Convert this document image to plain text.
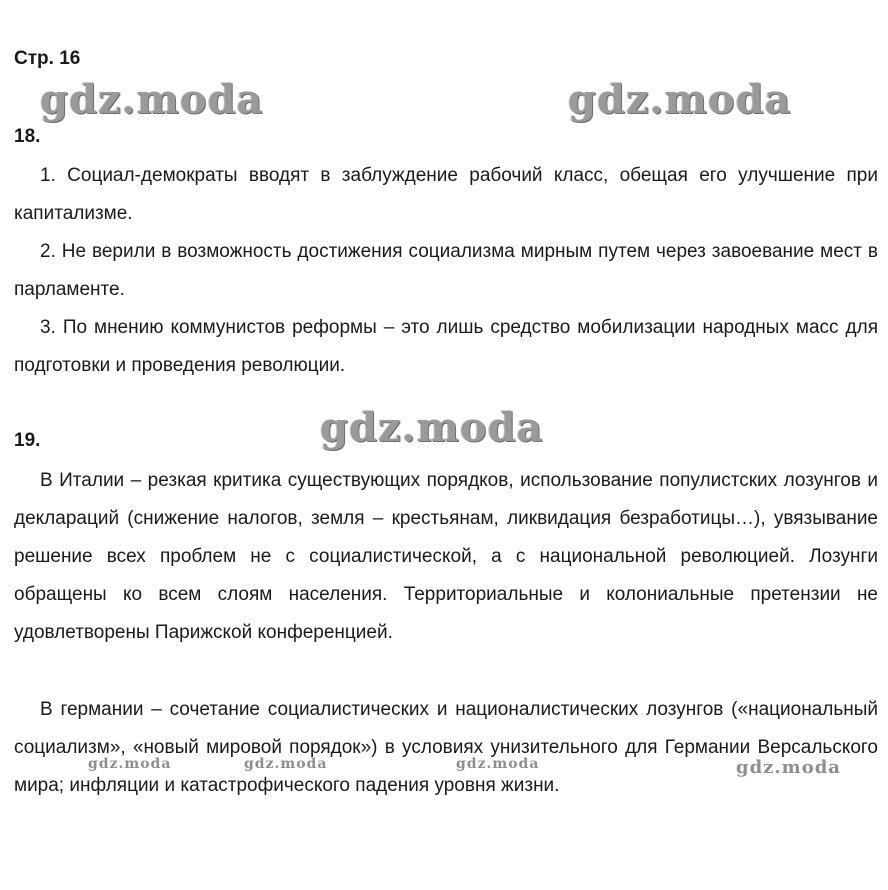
Стр. 16
gdz.moda	gdz.moda
18.

1. Социал-демократы вводят в заблуждение рабочий класс, обещая его улучшение при капитализме.

2. Не верили в возможность достижения социализма мирным путем через завоевание мест в парламенте.

3. По мнению коммунистов реформы – это лишь средство мобилизации народных масс для подготовки и проведения революции.

gdz.moda
19.

В Италии – резкая критика существующих порядков, использование популистских лозунгов и деклараций (снижение налогов, земля – крестьянам, ликвидация безработицы…), увязывание решение всех проблем не с социалистической, а с национальной революцией. Лозунги обращены ко всем слоям населения. Территориальные и колониальные претензии не удовлетворены Парижской конференцией.

В германии – сочетание социалистических и националистических лозунгов («национальный социализм», «новый мировой порядок») в условиях унизительного для Германии Версальского мира; инфляции и катастрофического падения уровня жизни.

gdz.moda	gdz.moda	gdz.moda	gdz.moda
